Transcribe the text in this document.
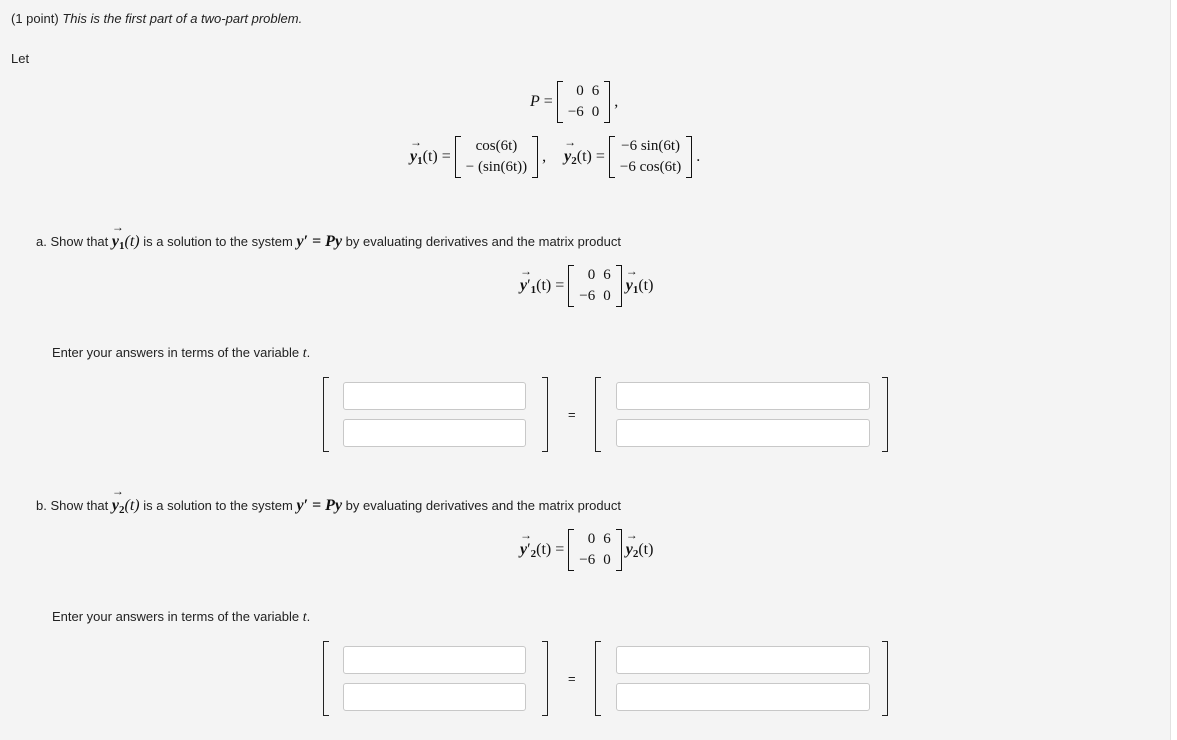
(1 point) This is the first part of a two-part problem.
Let
P =
0	6
−6	0
,
→ y1(t) =
cos(6t)
− (sin(6t))
, → y2(t) =
−6 sin(6t)
−6 cos(6t)
.
a. Show that → y1(t) is a solution to the system y′ = Py by evaluating derivatives and the matrix product
→ y′1(t) =
0	6
−6	0
→ y1(t)
Enter your answers in terms of the variable t.
=
b. Show that → y2(t) is a solution to the system y′ = Py by evaluating derivatives and the matrix product
→ y′2(t) =
0	6
−6	0
→ y2(t)
Enter your answers in terms of the variable t.
=
